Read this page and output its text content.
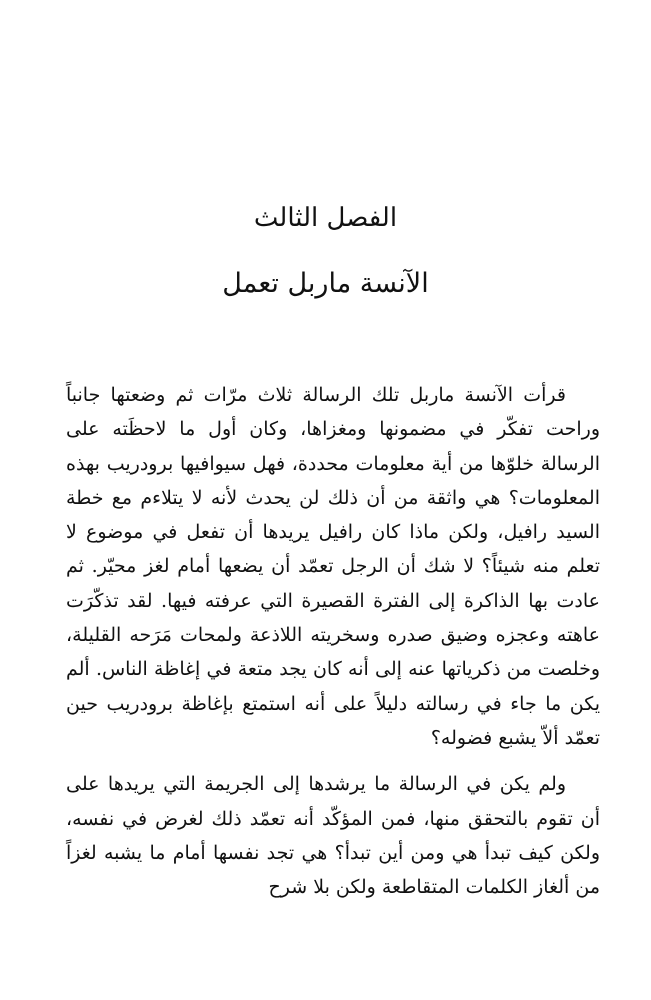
الفصل الثالث
الآنسة ماربل تعمل

قرأت الآنسة ماربل تلك الرسالة ثلاث مرّات ثم وضعتها جانباً وراحت تفكّر في مضمونها ومغزاها، وكان أول ما لاحظَته على الرسالة خلوّها من أية معلومات محددة، فهل سيوافيها برودريب بهذه المعلومات؟ هي واثقة من أن ذلك لن يحدث لأنه لا يتلاءم مع خطة السيد رافيل، ولكن ماذا كان رافيل يريدها أن تفعل في موضوع لا تعلم منه شيئاً؟ لا شك أن الرجل تعمّد أن يضعها أمام لغز محيّر. ثم عادت بها الذاكرة إلى الفترة القصيرة التي عرفته فيها. لقد تذكّرَت عاهته وعجزه وضيق صدره وسخريته اللاذعة ولمحات مَرَحه القليلة، وخلصت من ذكرياتها عنه إلى أنه كان يجد متعة في إغاظة الناس. ألم يكن ما جاء في رسالته دليلاً على أنه استمتع بإغاظة برودريب حين تعمّد ألاّ يشبع فضوله؟

ولم يكن في الرسالة ما يرشدها إلى الجريمة التي يريدها على أن تقوم بالتحقق منها، فمن المؤكّد أنه تعمّد ذلك لغرض في نفسه، ولكن كيف تبدأ هي ومن أين تبدأ؟ هي تجد نفسها أمام ما يشبه لغزاً من ألغاز الكلمات المتقاطعة ولكن بلا شرح
